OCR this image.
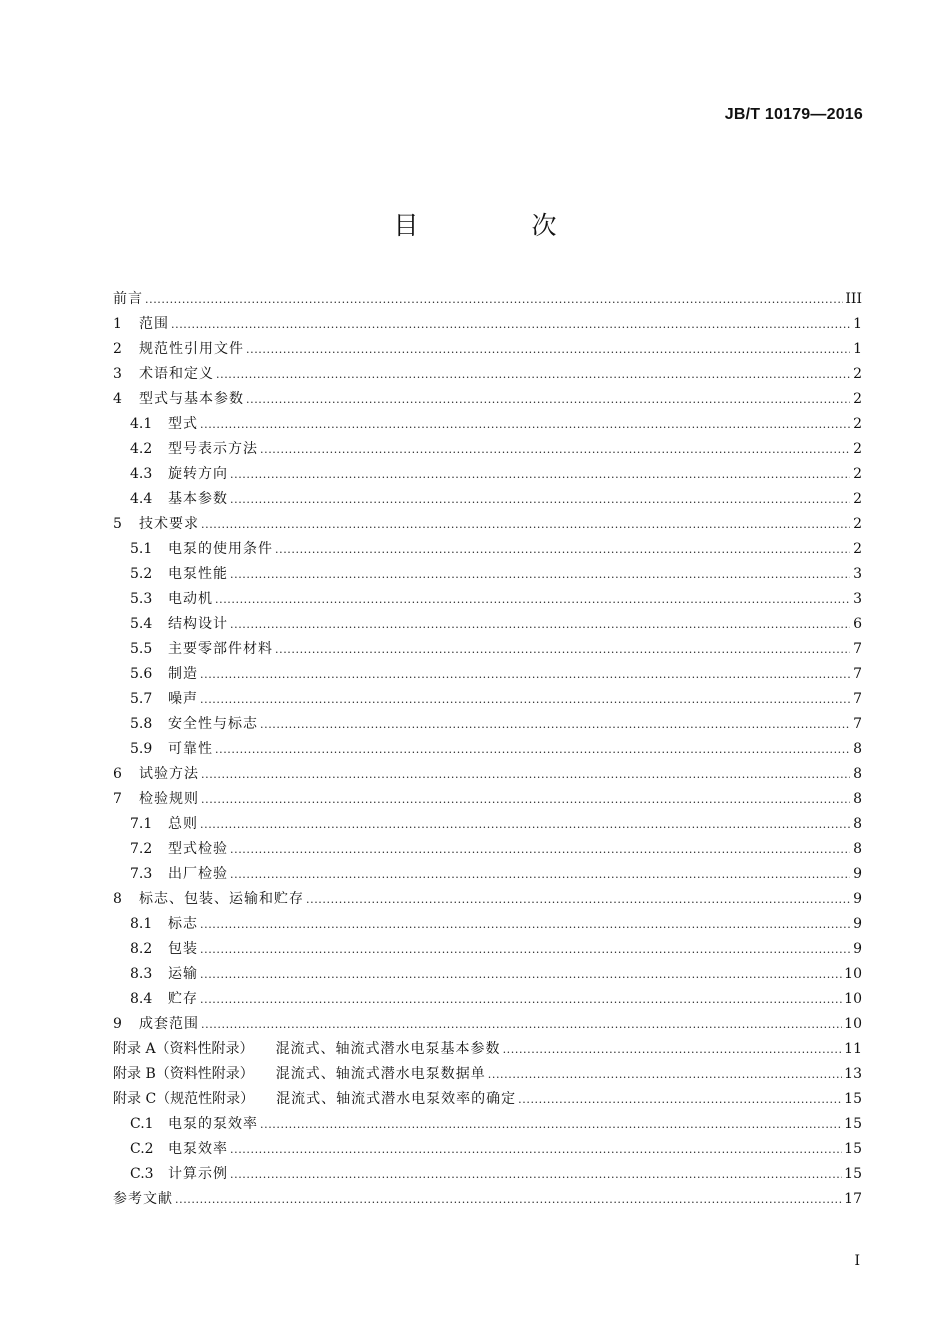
JB/T 10179—2016
目　次
前言 .....	III
1	范围 .....	1
2	规范性引用文件 .....	1
3	术语和定义 .....	2
4	型式与基本参数 .....	2
4.1	型式 .....	2
4.2	型号表示方法 .....	2
4.3	旋转方向 .....	2
4.4	基本参数 .....	2
5	技术要求 .....	2
5.1	电泵的使用条件 .....	2
5.2	电泵性能 .....	3
5.3	电动机 .....	3
5.4	结构设计 .....	6
5.5	主要零部件材料 .....	7
5.6	制造 .....	7
5.7	噪声 .....	7
5.8	安全性与标志 .....	7
5.9	可靠性 .....	8
6	试验方法 .....	8
7	检验规则 .....	8
7.1	总则 .....	8
7.2	型式检验 .....	8
7.3	出厂检验 .....	9
8	标志、包装、运输和贮存 .....	9
8.1	标志 .....	9
8.2	包装 .....	9
8.3	运输 .....	10
8.4	贮存 .....	10
9	成套范围 .....	10
附录 A（资料性附录） 混流式、轴流式潜水电泵基本参数 .....	11
附录 B（资料性附录） 混流式、轴流式潜水电泵数据单 .....	13
附录 C（规范性附录） 混流式、轴流式潜水电泵效率的确定 .....	15
C.1	电泵的泵效率 .....	15
C.2	电泵效率 .....	15
C.3	计算示例 .....	15
参考文献 .....	17
I
